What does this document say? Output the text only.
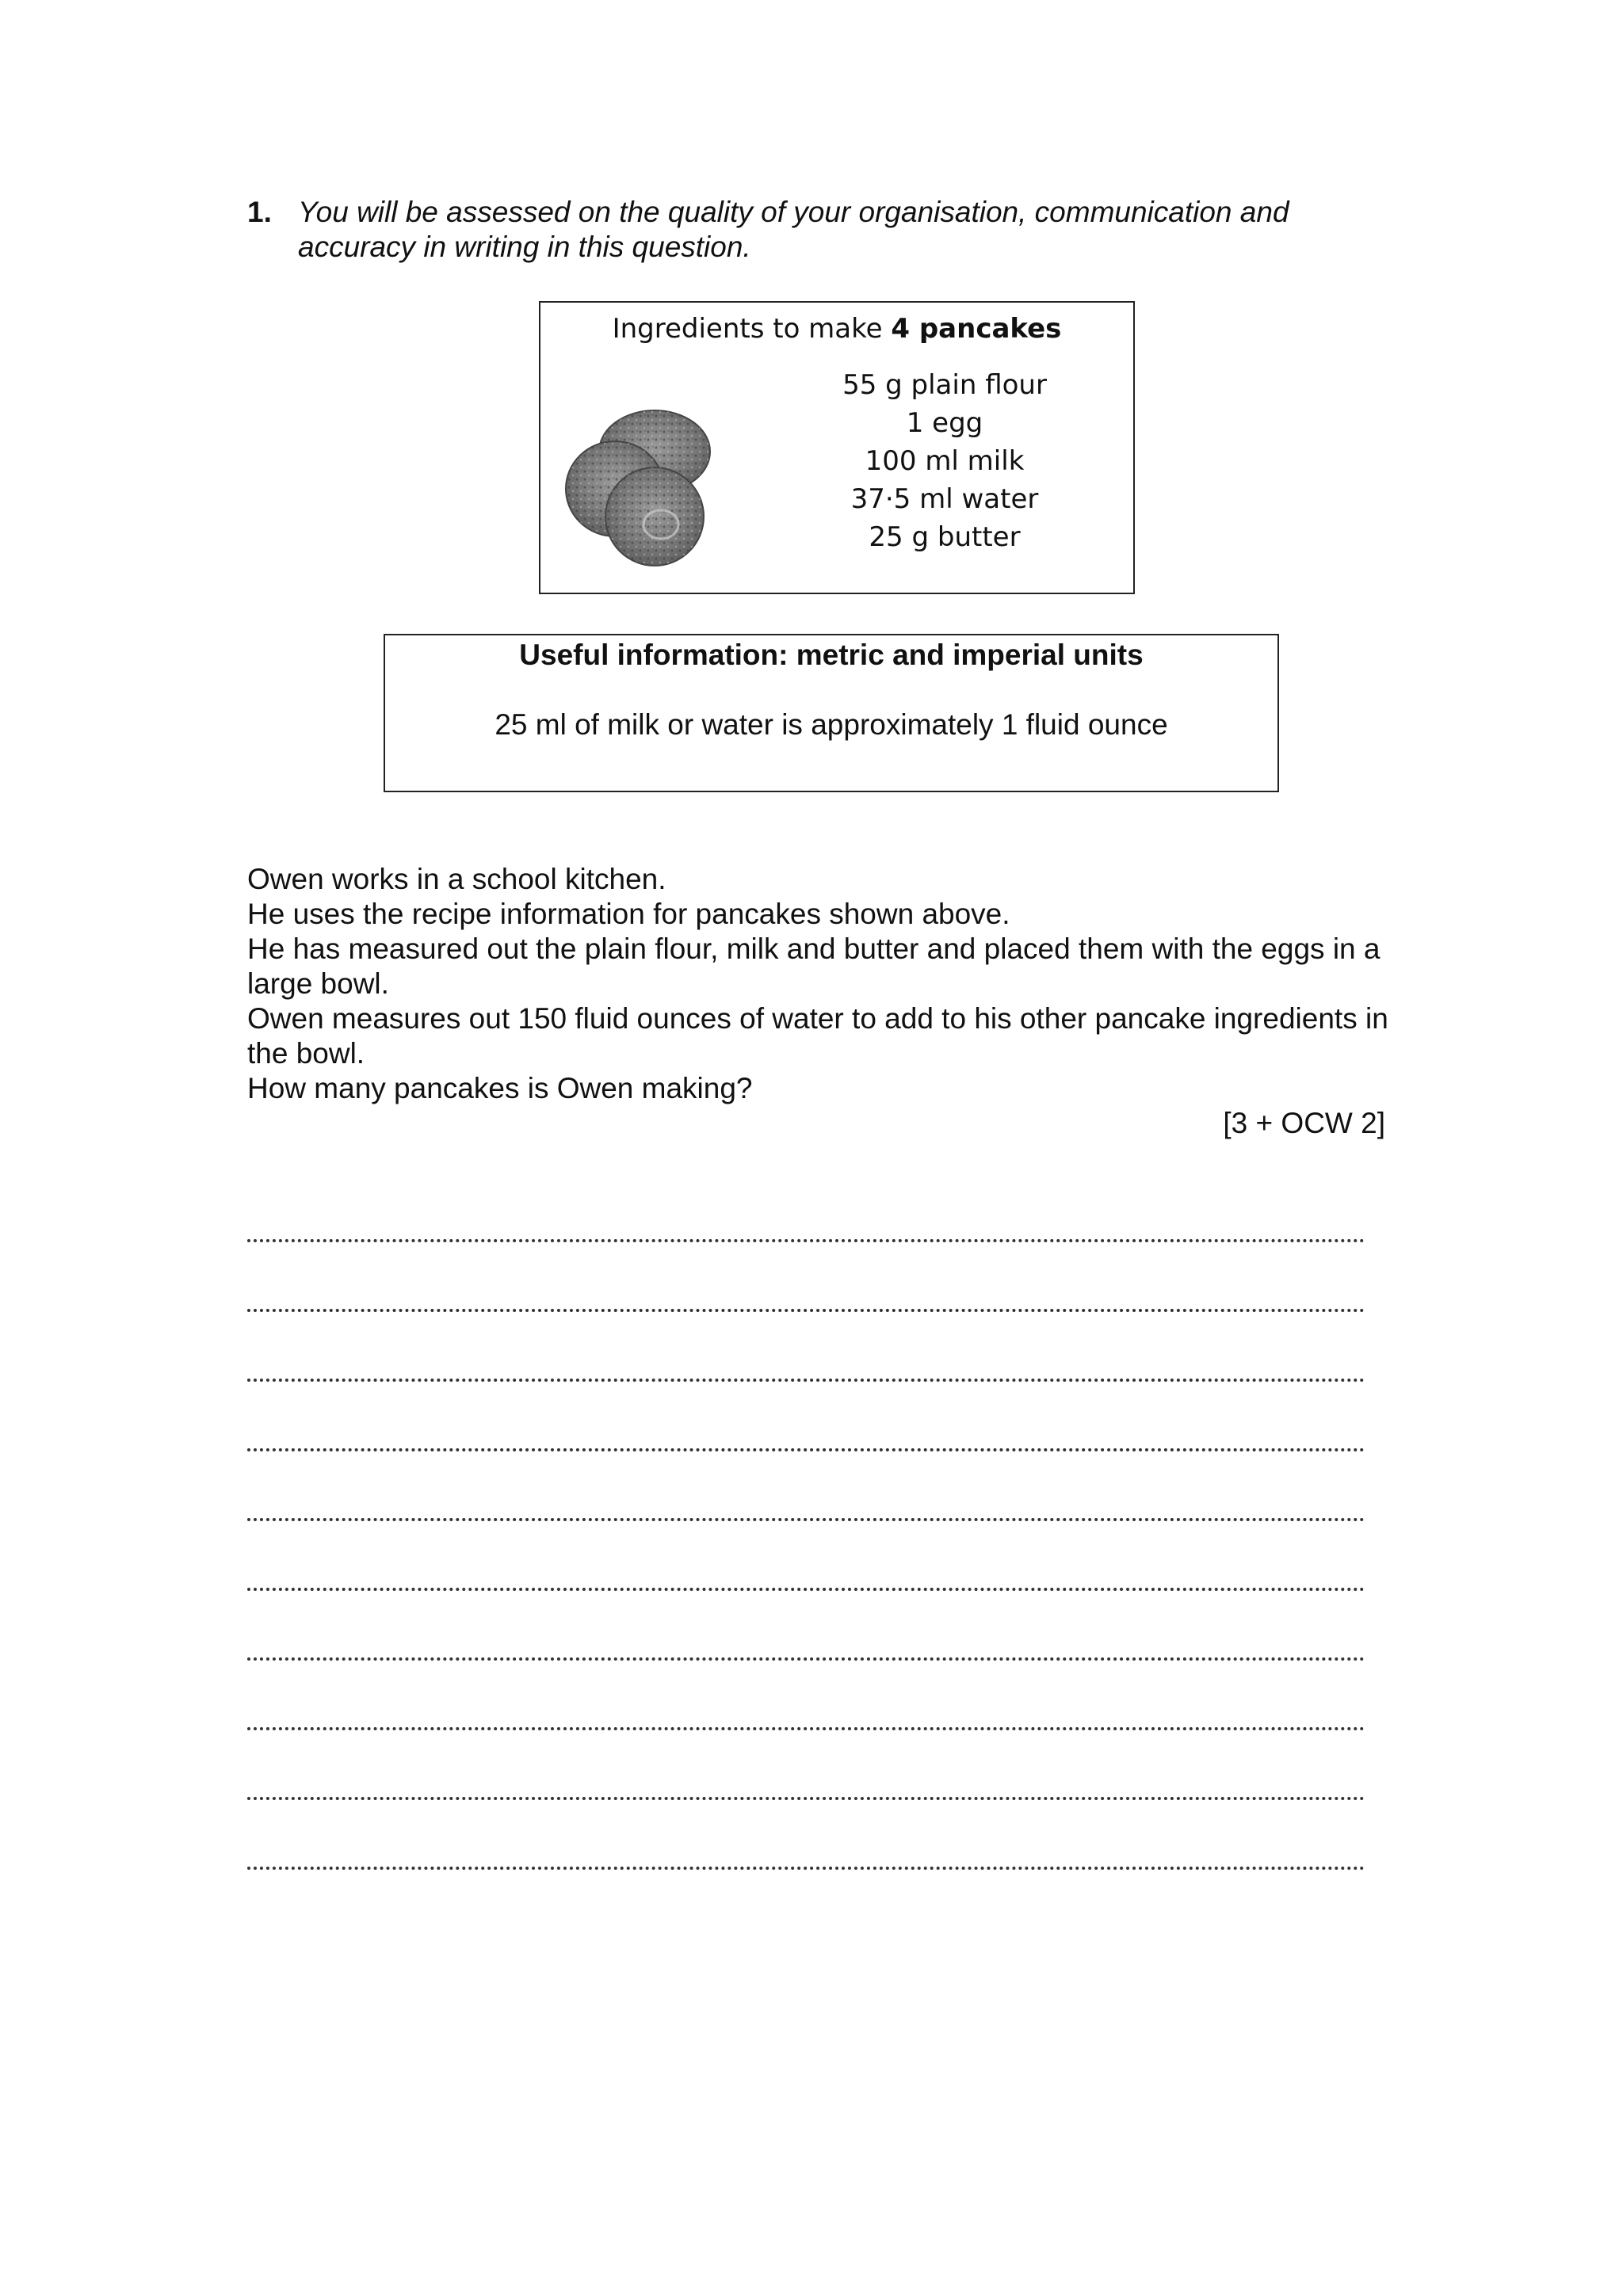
1. You will be assessed on the quality of your organisation, communication and accuracy in writing in this question.
Ingredients to make 4 pancakes
55 g plain flour
1 egg
100 ml milk
37·5 ml water
25 g butter
Useful information: metric and imperial units
25 ml of milk or water is approximately 1 fluid ounce

Owen works in a school kitchen.

He uses the recipe information for pancakes shown above.

He has measured out the plain flour, milk and butter and placed them with the eggs in a large bowl.

Owen measures out 150 fluid ounces of water to add to his other pancake ingredients in the bowl.

How many pancakes is Owen making?

[3 + OCW 2]
